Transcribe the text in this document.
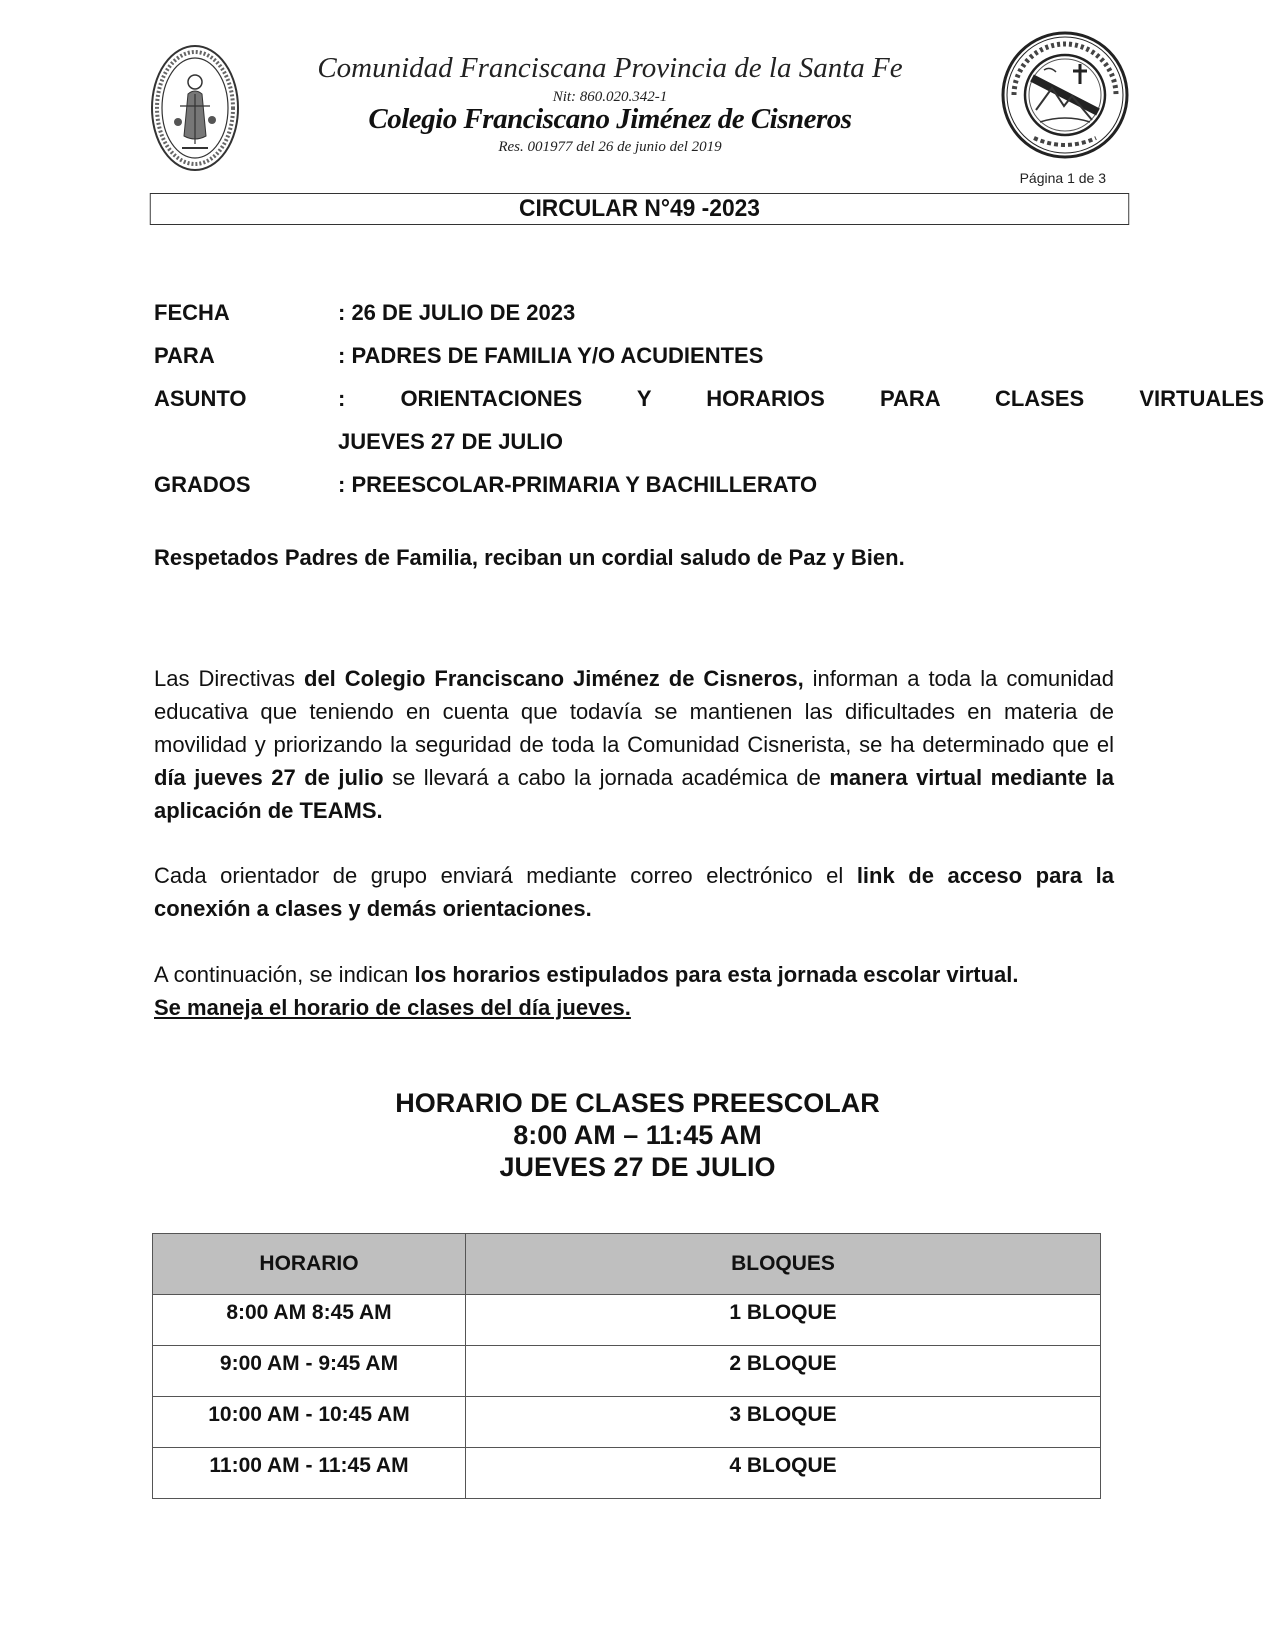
Comunidad Franciscana Provincia de la Santa Fe
Nit: 860.020.342-1
Colegio Franciscano Jiménez de Cisneros
Res. 001977 del 26 de junio del 2019
Página 1 de 3
CIRCULAR N°49 -2023
FECHA	: 26 DE JULIO DE 2023
PARA	: PADRES DE FAMILIA Y/O ACUDIENTES
ASUNTO	: ORIENTACIONES Y HORARIOS PARA CLASES VIRTUALES
JUEVES 27 DE JULIO
GRADOS	: PREESCOLAR-PRIMARIA Y BACHILLERATO
Respetados Padres de Familia, reciban un cordial saludo de Paz y Bien.
Las Directivas del Colegio Franciscano Jiménez de Cisneros, informan a toda la comunidad educativa que teniendo en cuenta que todavía se mantienen las dificultades en materia de movilidad y priorizando la seguridad de toda la Comunidad Cisnerista, se ha determinado que el día jueves 27 de julio se llevará a cabo la jornada académica de manera virtual mediante la aplicación de TEAMS.
Cada orientador de grupo enviará mediante correo electrónico el link de acceso para la conexión a clases y demás orientaciones.
A continuación, se indican los horarios estipulados para esta jornada escolar virtual.
Se maneja el horario de clases del día jueves.
HORARIO DE CLASES PREESCOLAR
8:00 AM – 11:45 AM
JUEVES 27 DE JULIO
HORARIO	BLOQUES
8:00 AM 8:45 AM	1 BLOQUE
9:00 AM - 9:45 AM	2 BLOQUE
10:00 AM - 10:45 AM	3 BLOQUE
11:00 AM - 11:45 AM	4 BLOQUE
